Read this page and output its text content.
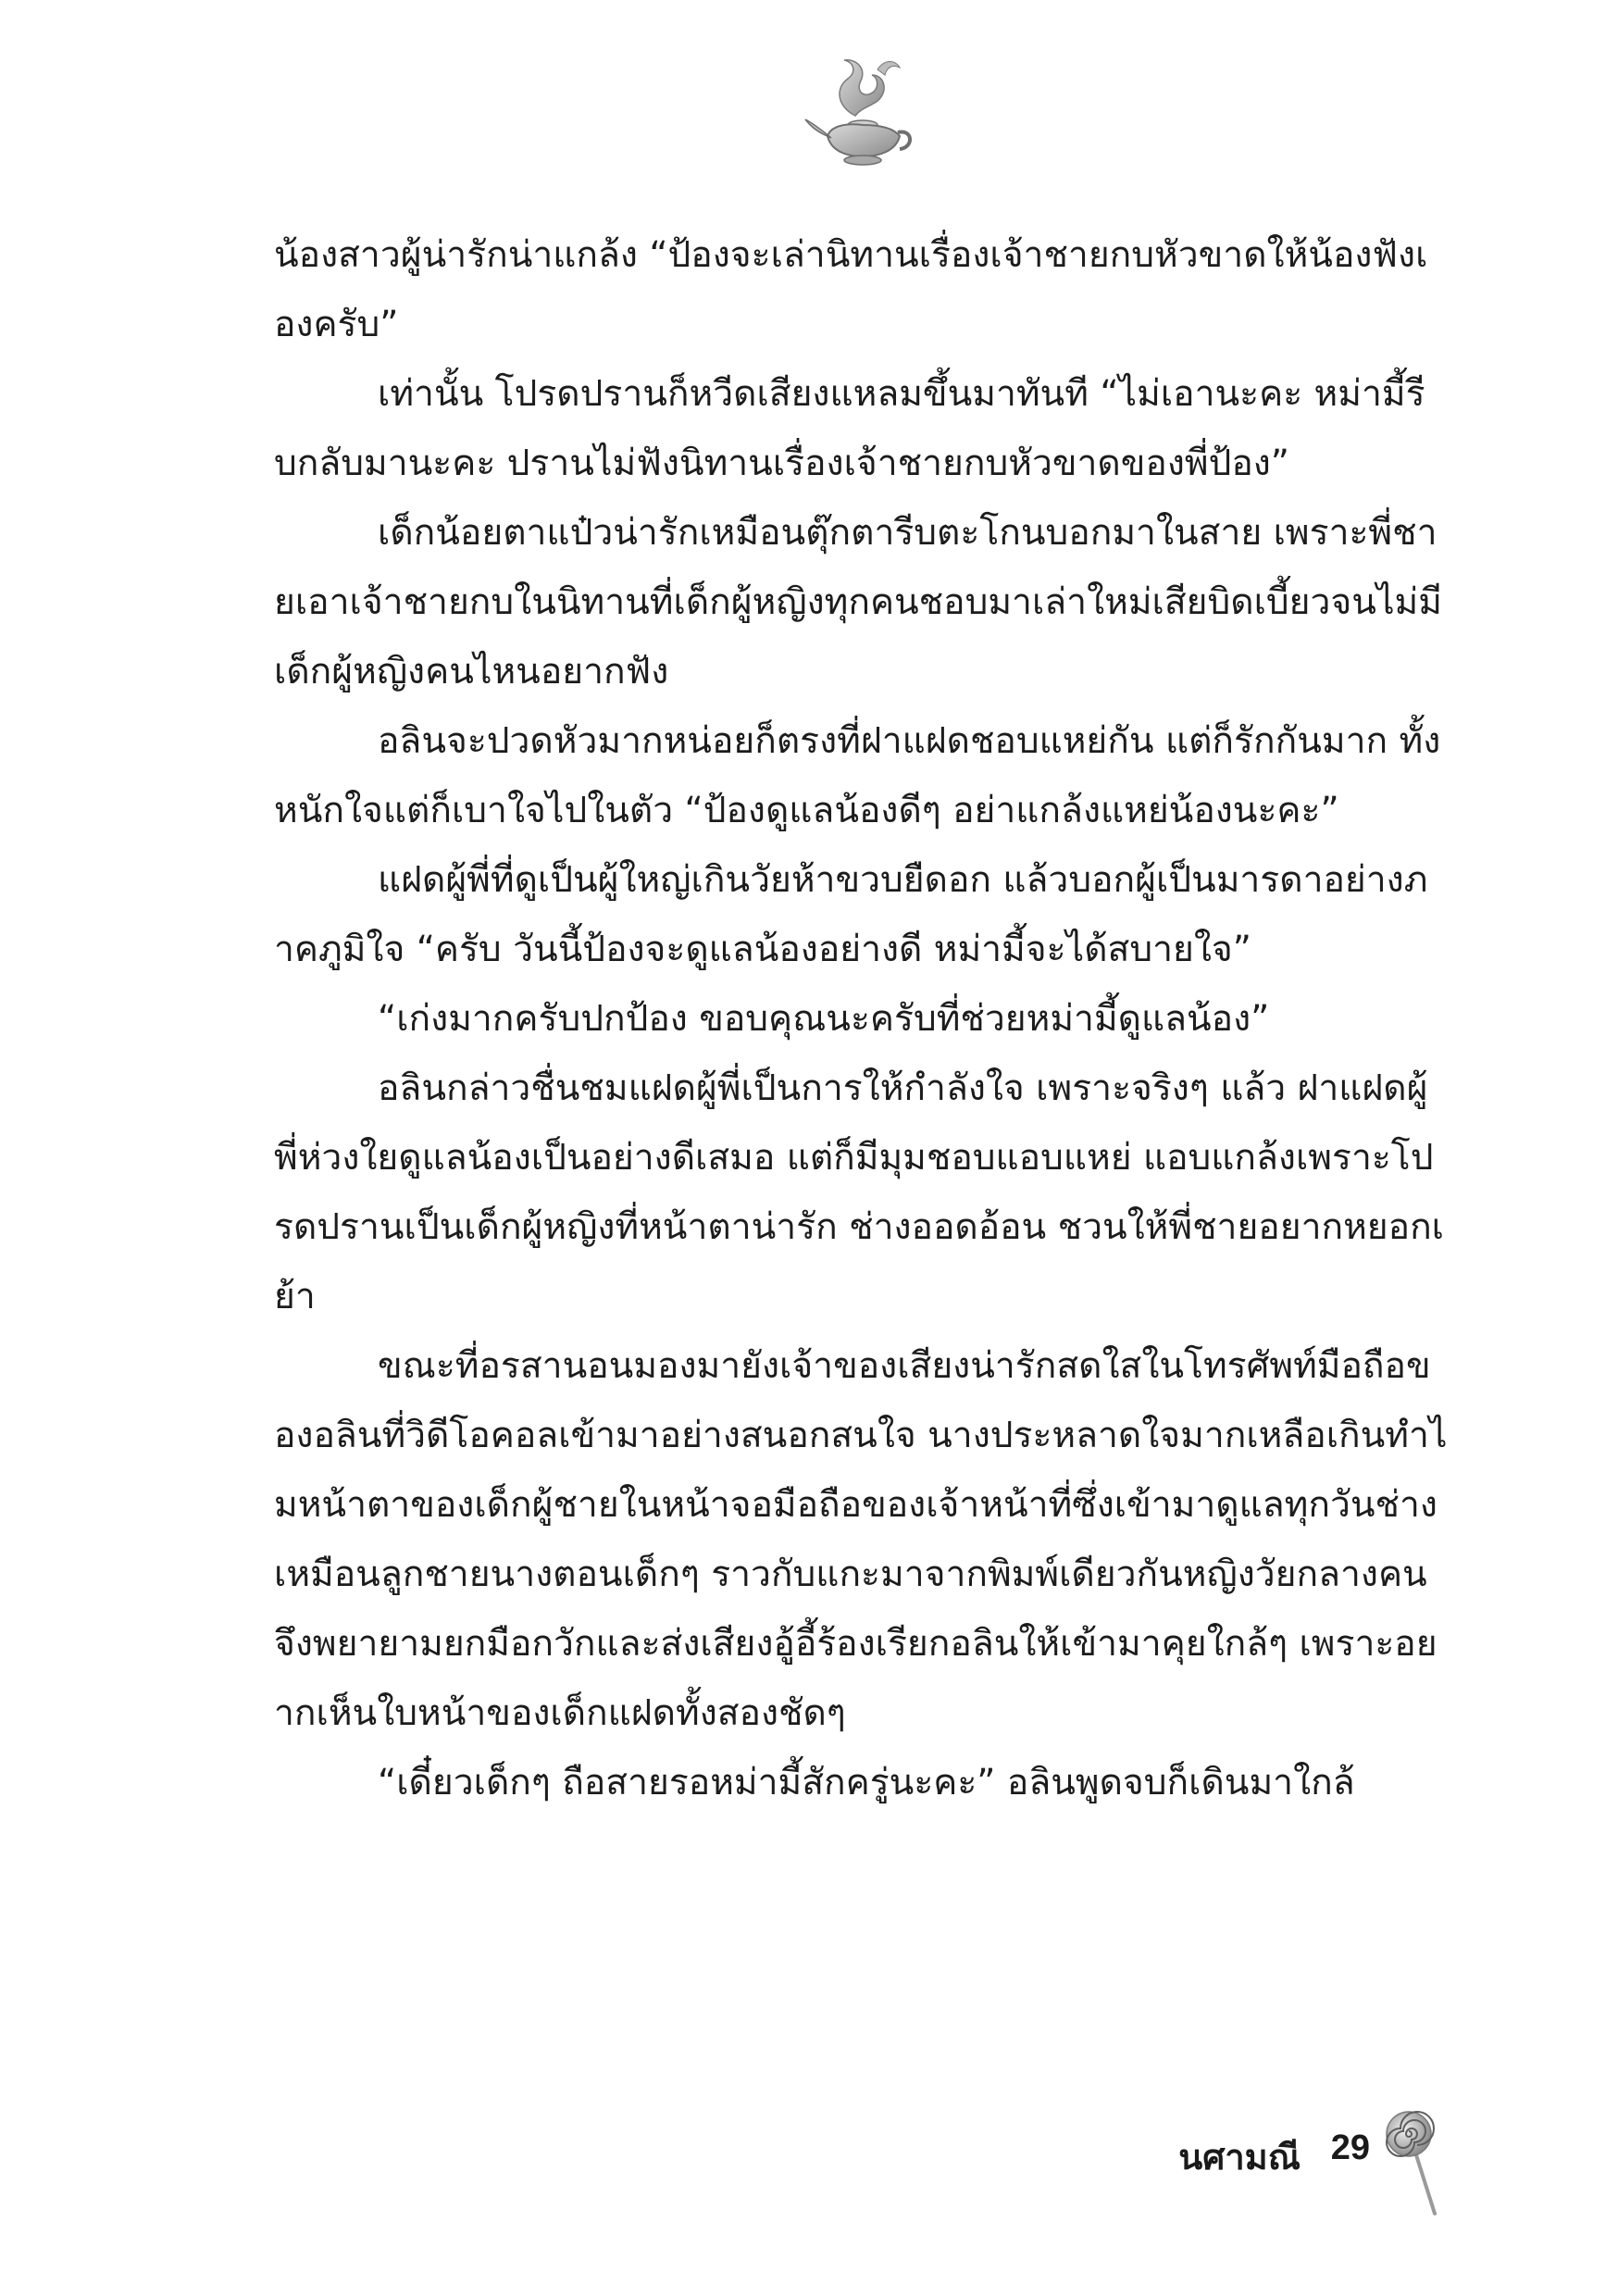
น้องสาวผู้น่ารักน่าแกล้ง “ป้องจะเล่านิทานเรื่องเจ้าชายกบหัวขาดให้น้องฟังเองครับ”

เท่านั้น โปรดปรานก็หวีดเสียงแหลมขึ้นมาทันที “ไม่เอานะคะ หม่ามี้รีบกลับมานะคะ ปรานไม่ฟังนิทานเรื่องเจ้าชายกบหัวขาดของพี่ป้อง”

เด็กน้อยตาแป๋วน่ารักเหมือนตุ๊กตารีบตะโกนบอกมาในสาย เพราะพี่ชายเอาเจ้าชายกบในนิทานที่เด็กผู้หญิงทุกคนชอบมาเล่าใหม่เสียบิดเบี้ยวจนไม่มีเด็กผู้หญิงคนไหนอยากฟัง

อลินจะปวดหัวมากหน่อยก็ตรงที่ฝาแฝดชอบแหย่กัน แต่ก็รักกันมาก ทั้งหนักใจแต่ก็เบาใจไปในตัว “ป้องดูแลน้องดีๆ อย่าแกล้งแหย่น้องนะคะ”

แฝดผู้พี่ที่ดูเป็นผู้ใหญ่เกินวัยห้าขวบยืดอก แล้วบอกผู้เป็นมารดาอย่างภาคภูมิใจ “ครับ วันนี้ป้องจะดูแลน้องอย่างดี หม่ามี้จะได้สบายใจ”

“เก่งมากครับปกป้อง ขอบคุณนะครับที่ช่วยหม่ามี้ดูแลน้อง”

อลินกล่าวชื่นชมแฝดผู้พี่เป็นการให้กำลังใจ เพราะจริงๆ แล้ว ฝาแฝดผู้พี่ห่วงใยดูแลน้องเป็นอย่างดีเสมอ แต่ก็มีมุมชอบแอบแหย่ แอบแกล้งเพราะโปรดปรานเป็นเด็กผู้หญิงที่หน้าตาน่ารัก ช่างออดอ้อน ชวนให้พี่ชายอยากหยอกเย้า

ขณะที่อรสานอนมองมายังเจ้าของเสียงน่ารักสดใสในโทรศัพท์มือถือของอลินที่วิดีโอคอลเข้ามาอย่างสนอกสนใจ นางประหลาดใจมากเหลือเกินทำไมหน้าตาของเด็กผู้ชายในหน้าจอมือถือของเจ้าหน้าที่ซึ่งเข้ามาดูแลทุกวันช่างเหมือนลูกชายนางตอนเด็กๆ ราวกับแกะมาจากพิมพ์เดียวกันหญิงวัยกลางคนจึงพยายามยกมือกวักและส่งเสียงอู้อี้ร้องเรียกอลินให้เข้ามาคุยใกล้ๆ เพราะอยากเห็นใบหน้าของเด็กแฝดทั้งสองชัดๆ

“เดี๋ยวเด็กๆ ถือสายรอหม่ามี้สักครู่นะคะ” อลินพูดจบก็เดินมาใกล้

นศามณี 29
